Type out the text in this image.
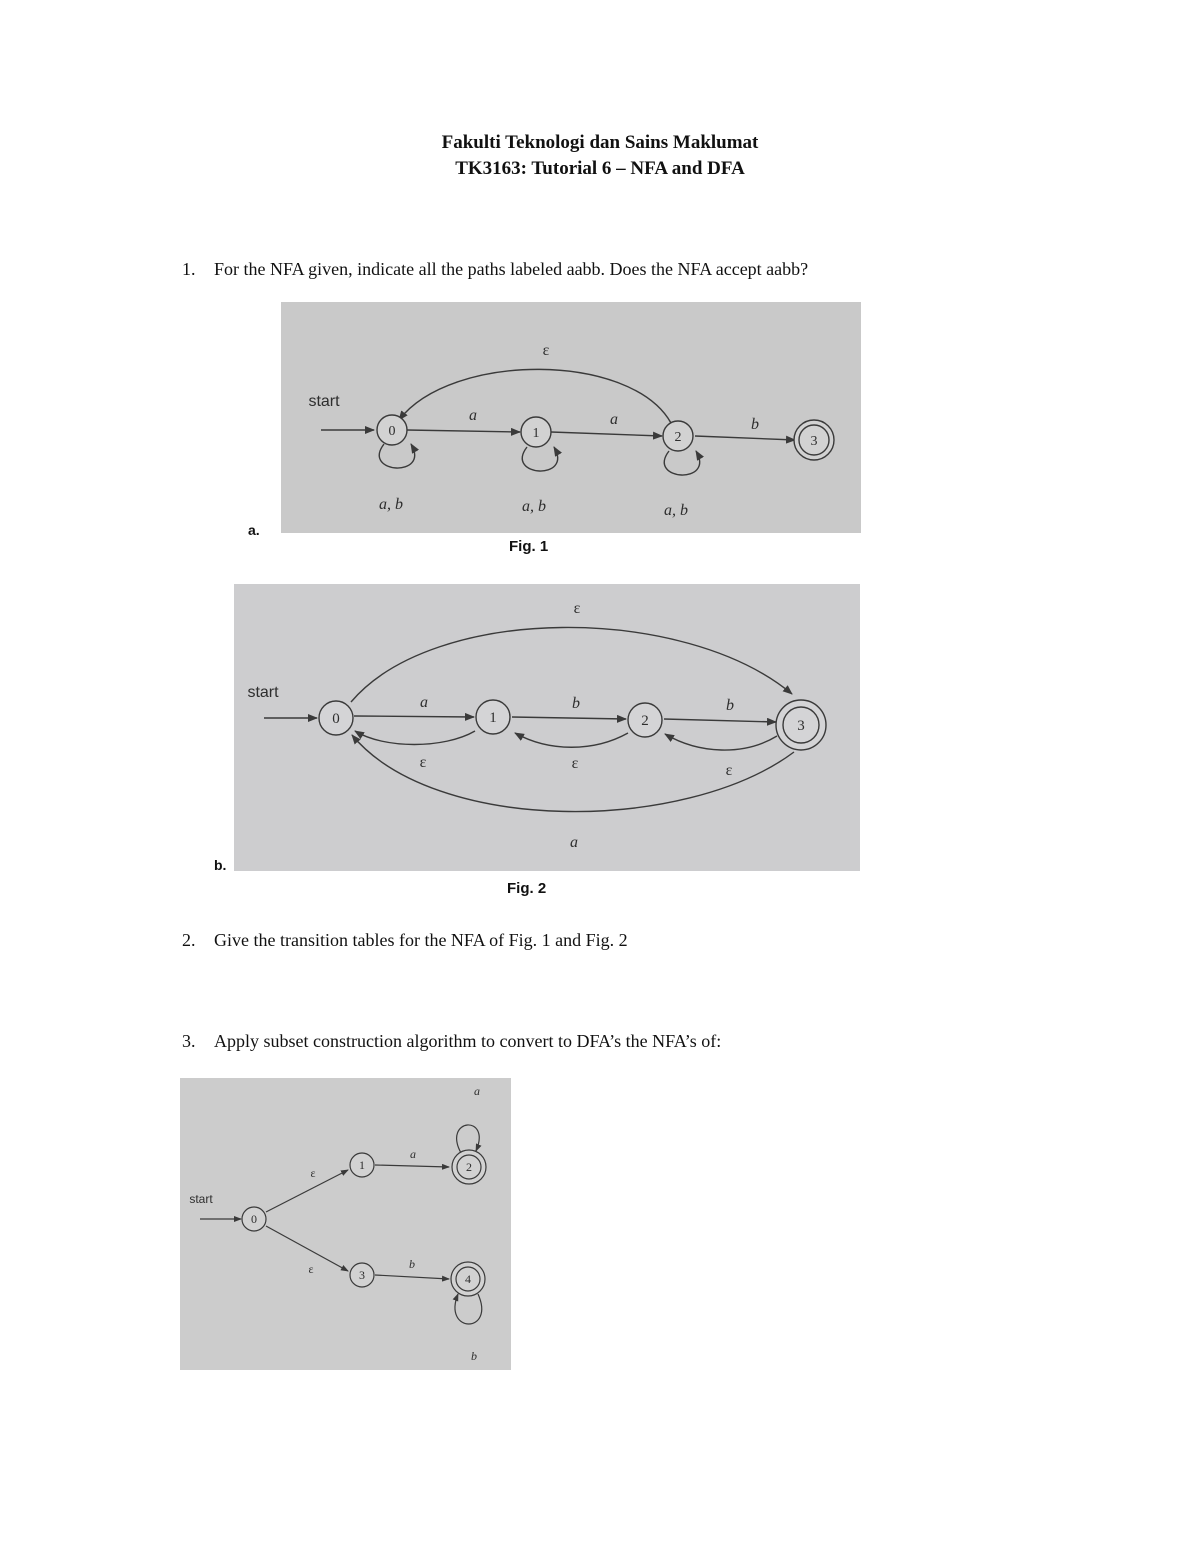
Fakulti Teknologi dan Sains Maklumat
TK3163: Tutorial 6 – NFA and DFA
1. For the NFA given, indicate all the paths labeled aabb. Does the NFA accept aabb?
a.
0	1	2	3
start
ε
a	a	b
a, b	a, b	a, b
Fig. 1
b.
0	1	2	3
start
ε
a	b	b
ε	ε	ε
a
Fig. 2
2. Give the transition tables for the NFA of Fig. 1 and Fig. 2
3. Apply subset construction algorithm to convert to DFA’s the NFA’s of:
0
1	2
3	4
start
ε
ε
a
b
a
b
